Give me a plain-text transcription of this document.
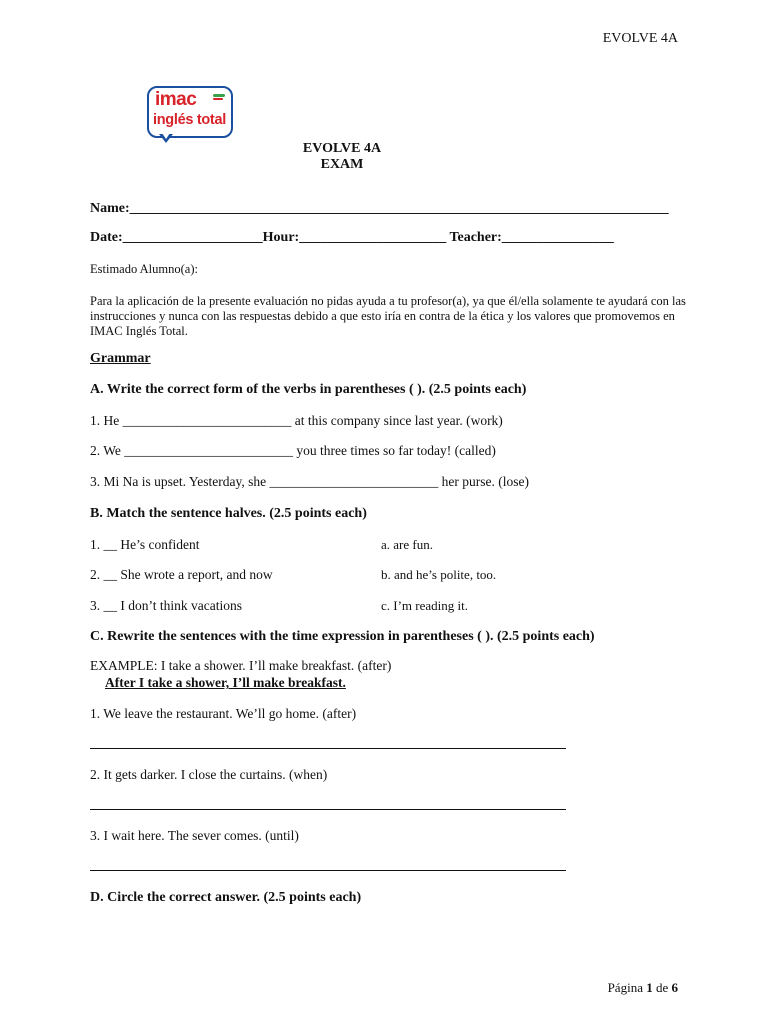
EVOLVE 4A
imac
inglés total
EVOLVE 4A
EXAM
Name:_____________________________________________________________________________
Date:____________________Hour:_____________________ Teacher:________________
Estimado Alumno(a):
Para la aplicación de la presente evaluación no pidas ayuda a tu profesor(a), ya que él/ella solamente te ayudará con las instrucciones y nunca con las respuestas debido a que esto iría en contra de la ética y los valores que promovemos en IMAC Inglés Total.
Grammar
A. Write the correct form of the verbs in parentheses ( ). (2.5 points each)
1. He _________________________ at this company since last year. (work)
2. We _________________________ you three times so far today! (called)
3. Mi Na is upset. Yesterday, she _________________________ her purse. (lose)
B. Match the sentence halves. (2.5 points each)
1. __ He’s confident
2. __ She wrote a report, and now
3. __ I don’t think vacations
a. are fun.
b. and he’s polite, too.
c. I’m reading it.
C. Rewrite the sentences with the time expression in parentheses ( ). (2.5 points each)
EXAMPLE: I take a shower. I’ll make breakfast. (after)
After I take a shower, I’ll make breakfast.
1. We leave the restaurant. We’ll go home. (after)
2. It gets darker. I close the curtains. (when)
3. I wait here. The sever comes. (until)
D. Circle the correct answer. (2.5 points each)
Página 1 de 6
